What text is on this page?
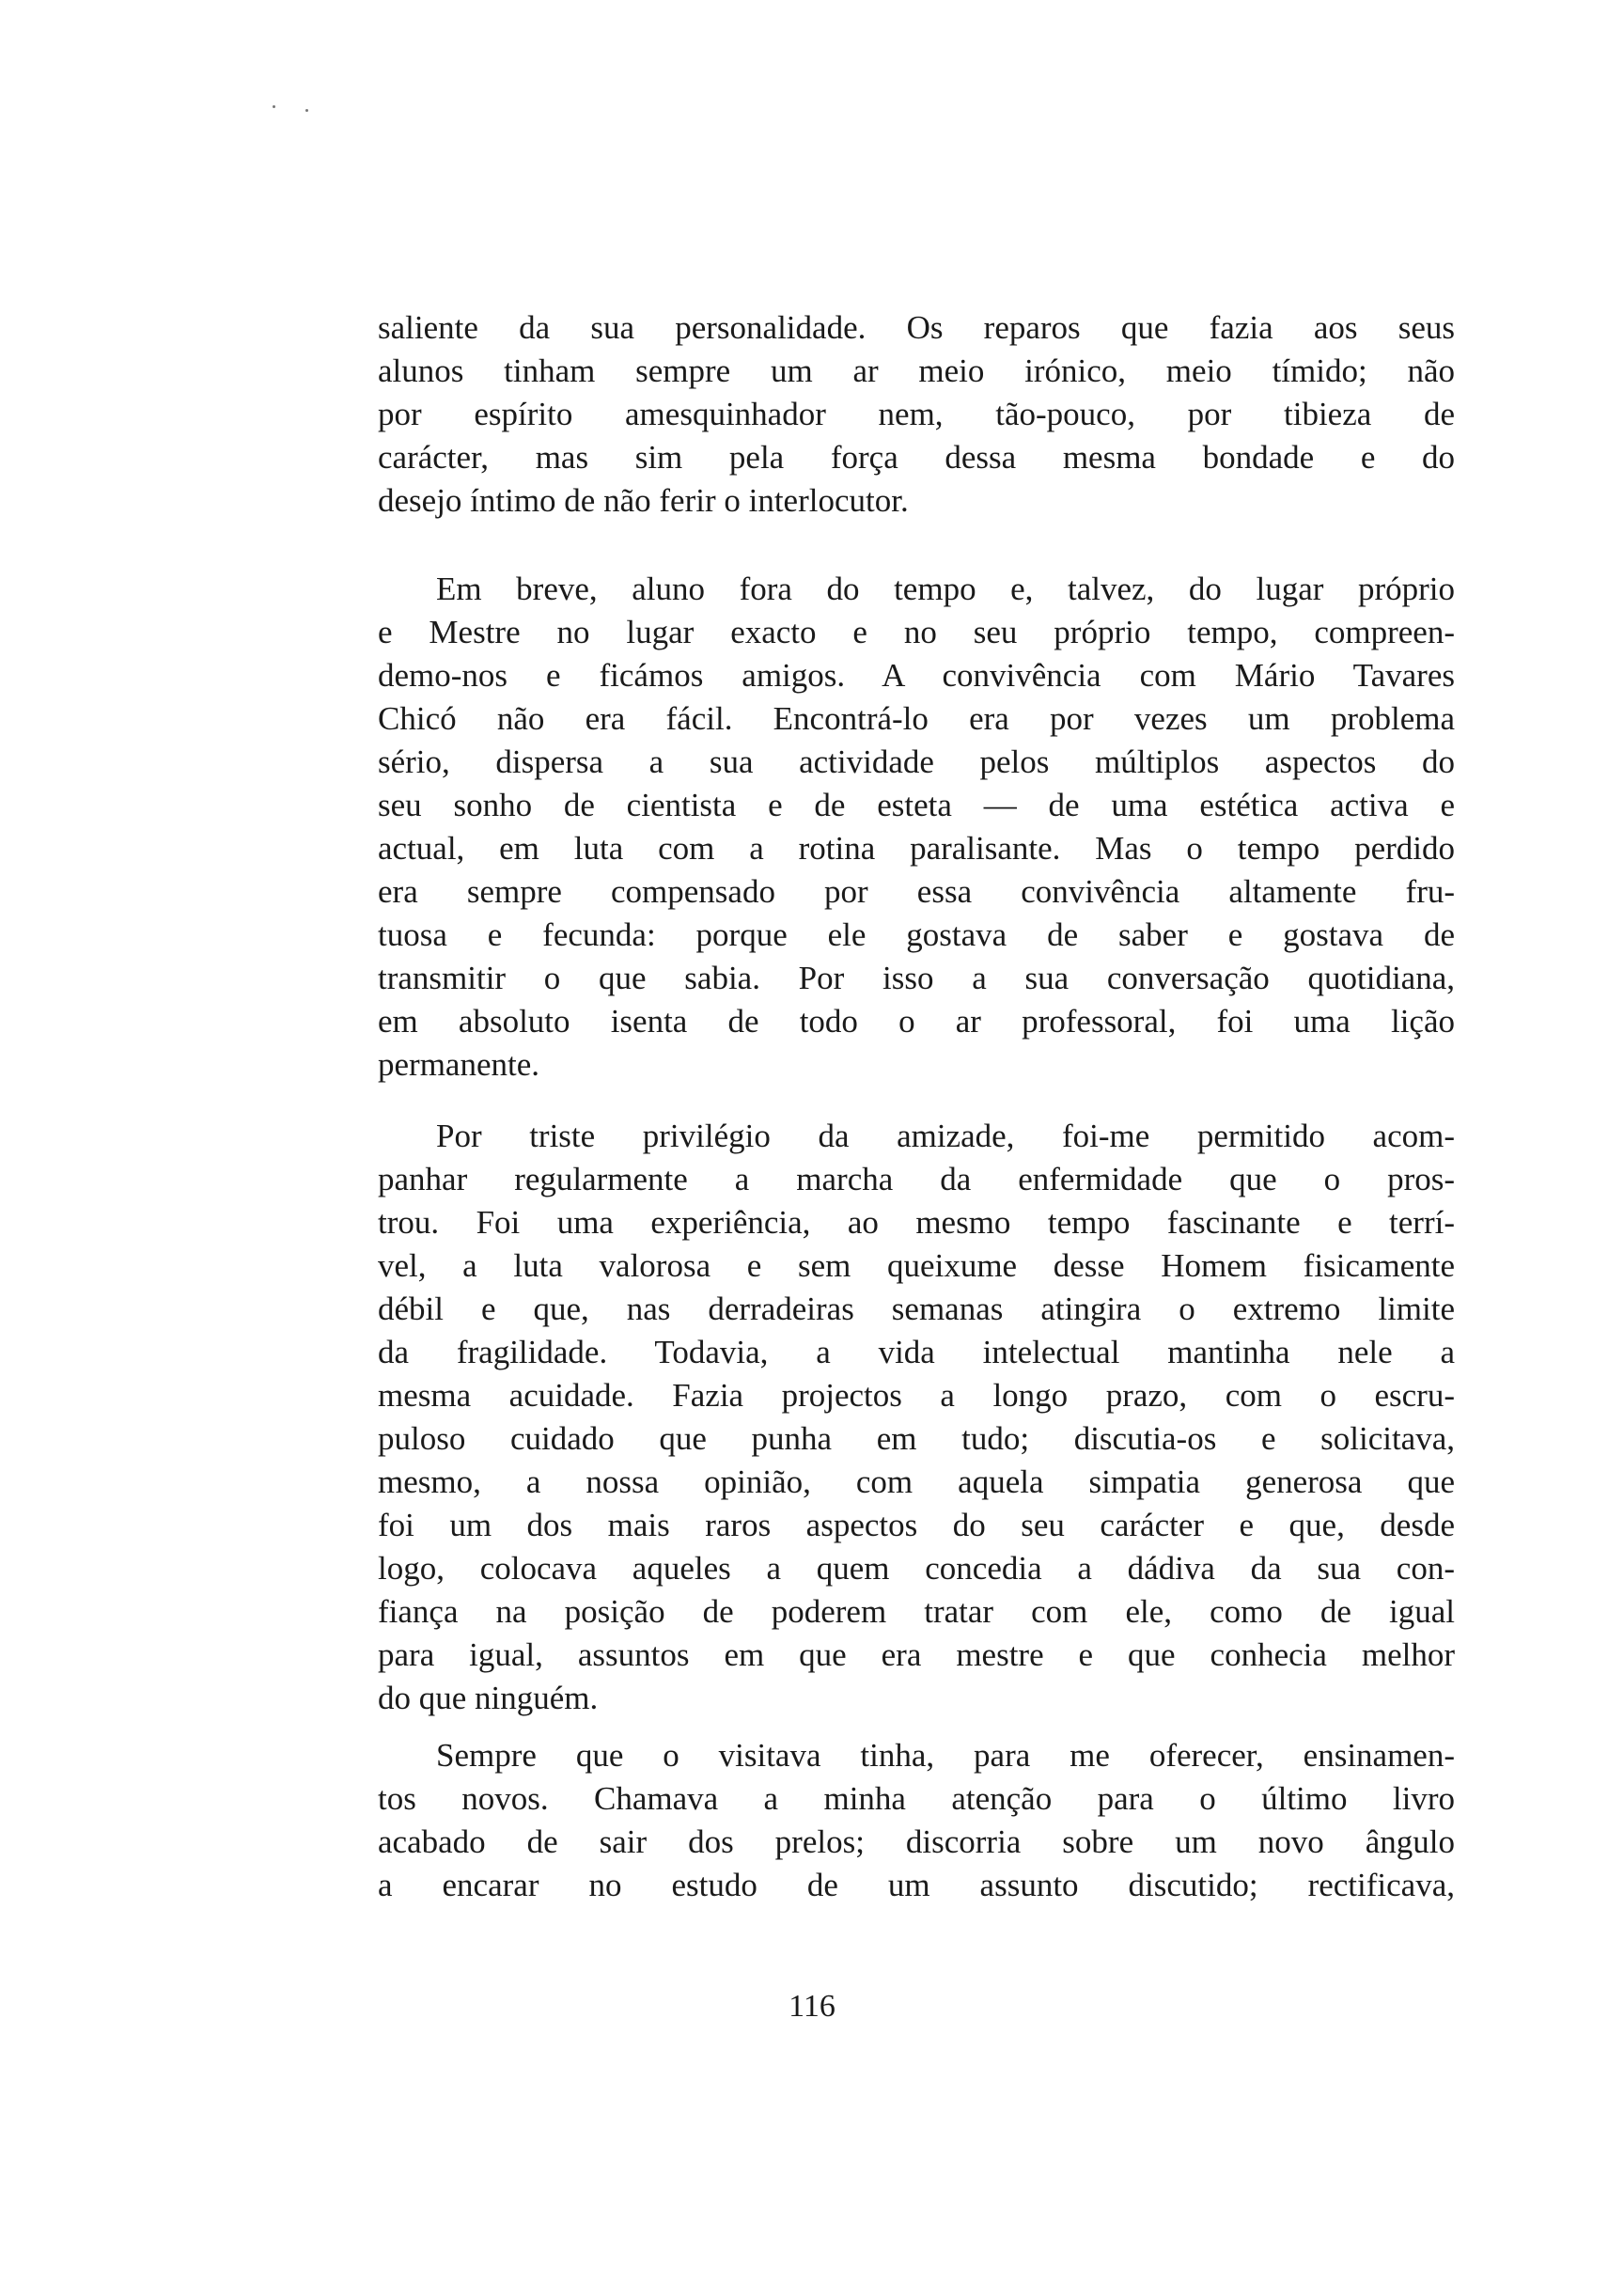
saliente da sua personalidade. Os reparos que fazia aos seus
alunos tinham sempre um ar meio irónico, meio tímido; não
por espírito amesquinhador nem, tão-pouco, por tibieza de
carácter, mas sim pela força dessa mesma bondade e do
desejo íntimo de não ferir o interlocutor.
Em breve, aluno fora do tempo e, talvez, do lugar próprio
e Mestre no lugar exacto e no seu próprio tempo, compreen-
demo-nos e ficámos amigos. A convivência com Mário Tavares
Chicó não era fácil. Encontrá-lo era por vezes um problema
sério, dispersa a sua actividade pelos múltiplos aspectos do
seu sonho de cientista e de esteta — de uma estética activa e
actual, em luta com a rotina paralisante. Mas o tempo perdido
era sempre compensado por essa convivência altamente fru-
tuosa e fecunda: porque ele gostava de saber e gostava de
transmitir o que sabia. Por isso a sua conversação quotidiana,
em absoluto isenta de todo o ar professoral, foi uma lição
permanente.
Por triste privilégio da amizade, foi-me permitido acom-
panhar regularmente a marcha da enfermidade que o pros-
trou. Foi uma experiência, ao mesmo tempo fascinante e terrí-
vel, a luta valorosa e sem queixume desse Homem fisicamente
débil e que, nas derradeiras semanas atingira o extremo limite
da fragilidade. Todavia, a vida intelectual mantinha nele a
mesma acuidade. Fazia projectos a longo prazo, com o escru-
puloso cuidado que punha em tudo; discutia-os e solicitava,
mesmo, a nossa opinião, com aquela simpatia generosa que
foi um dos mais raros aspectos do seu carácter e que, desde
logo, colocava aqueles a quem concedia a dádiva da sua con-
fiança na posição de poderem tratar com ele, como de igual
para igual, assuntos em que era mestre e que conhecia melhor
do que ninguém.
Sempre que o visitava tinha, para me oferecer, ensinamen-
tos novos. Chamava a minha atenção para o último livro
acabado de sair dos prelos; discorria sobre um novo ângulo
a encarar no estudo de um assunto discutido; rectificava,
116
